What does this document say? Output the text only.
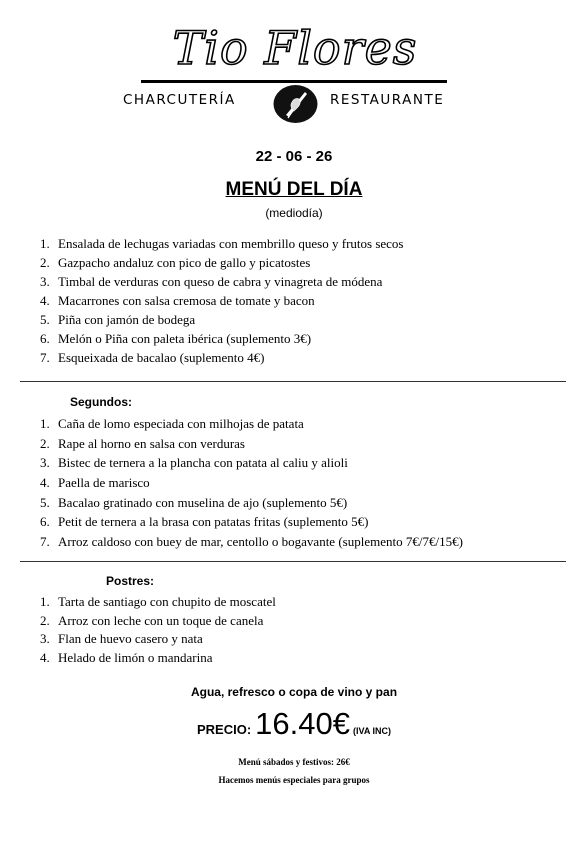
Tio Flores
CHARCUTERÍA	RESTAURANTE
22 - 06 - 26
MENÚ DEL DÍA
(mediodía)
1. Ensalada de lechugas variadas con membrillo queso y frutos secos
2. Gazpacho andaluz con pico de gallo y picatostes
3. Timbal de verduras con queso de cabra y vinagreta de módena
4. Macarrones con salsa cremosa de tomate y bacon
5. Piña con jamón de bodega
6. Melón o Piña con paleta ibérica (suplemento 3€)
7. Esqueixada de bacalao (suplemento 4€)
Segundos:
1. Caña de lomo especiada con milhojas de patata
2. Rape al horno en salsa con verduras
3. Bistec de ternera a la plancha con patata al caliu y alioli
4. Paella de marisco
5. Bacalao gratinado con muselina de ajo (suplemento 5€)
6. Petit de ternera a la brasa con patatas fritas (suplemento 5€)
7. Arroz caldoso con buey de mar, centollo o bogavante (suplemento 7€/7€/15€)
Postres:
1. Tarta de santiago con chupito de moscatel
2. Arroz con leche con un toque de canela
3. Flan de huevo casero y nata
4. Helado de limón o mandarina
Agua, refresco o copa de vino y pan
PRECIO: 16.40€ (IVA INC)
Menú sábados y festivos: 26€
Hacemos menús especiales para grupos
